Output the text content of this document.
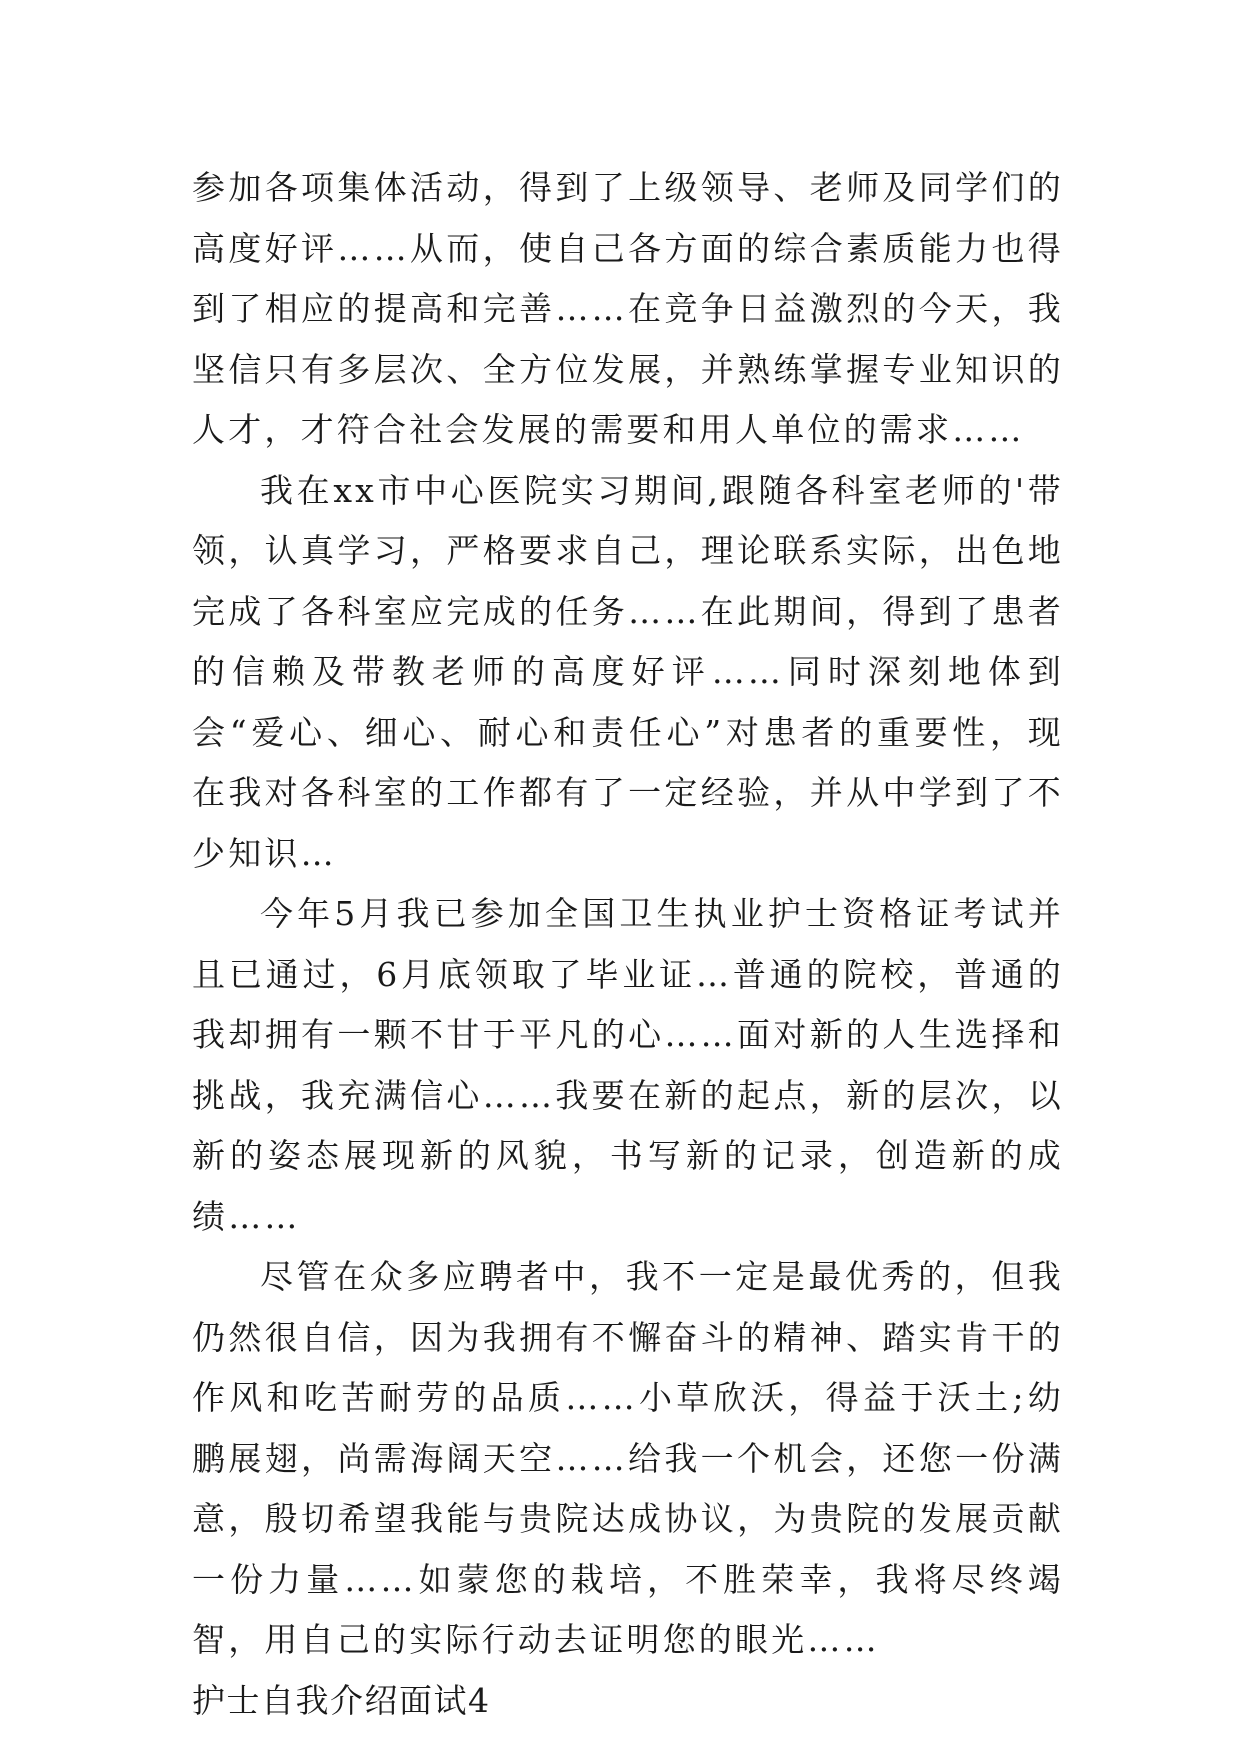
参加各项集体活动，得到了上级领导、老师及同学们的高度好评……从而，使自己各方面的综合素质能力也得到了相应的提高和完善……在竞争日益激烈的今天，我坚信只有多层次、全方位发展，并熟练掌握专业知识的人才，才符合社会发展的需要和用人单位的需求……

我在xx市中心医院实习期间,跟随各科室老师的'带领，认真学习，严格要求自己，理论联系实际，出色地完成了各科室应完成的任务……在此期间，得到了患者的信赖及带教老师的高度好评……同时深刻地体到会“爱心、细心、耐心和责任心”对患者的重要性，现在我对各科室的工作都有了一定经验，并从中学到了不少知识…

今年5月我已参加全国卫生执业护士资格证考试并且已通过，6月底领取了毕业证…普通的院校，普通的我却拥有一颗不甘于平凡的心……面对新的人生选择和挑战，我充满信心……我要在新的起点，新的层次，以新的姿态展现新的风貌，书写新的记录，创造新的成绩……

尽管在众多应聘者中，我不一定是最优秀的，但我仍然很自信，因为我拥有不懈奋斗的精神、踏实肯干的作风和吃苦耐劳的品质……小草欣沃，得益于沃土;幼鹏展翅，尚需海阔天空……给我一个机会，还您一份满意，殷切希望我能与贵院达成协议，为贵院的发展贡献一份力量……如蒙您的栽培，不胜荣幸，我将尽终竭智，用自己的实际行动去证明您的眼光……

护士自我介绍面试4
